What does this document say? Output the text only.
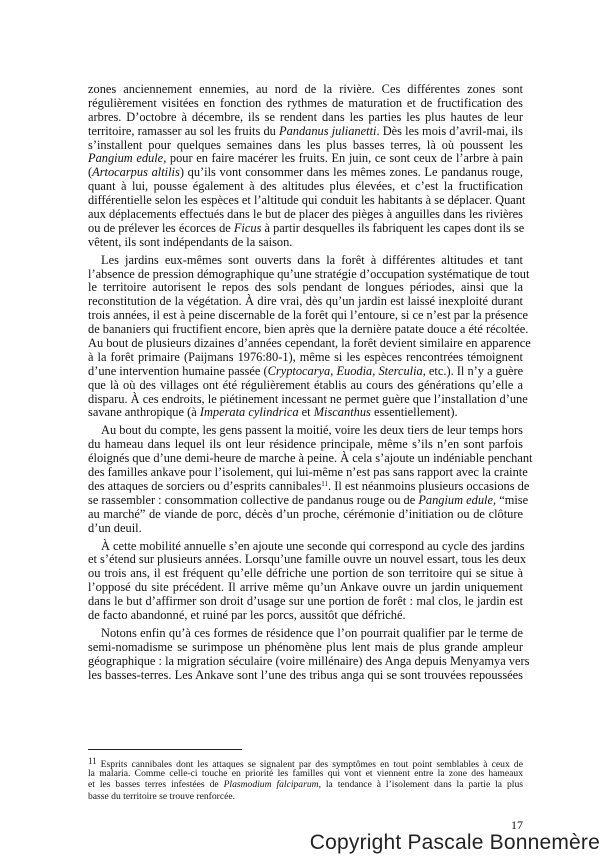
zones anciennement ennemies, au nord de la rivière. Ces différentes zones sont
régulièrement visitées en fonction des rythmes de maturation et de fructification des
arbres. D’octobre à décembre, ils se rendent dans les parties les plus hautes de leur
territoire, ramasser au sol les fruits du Pandanus julianetti. Dès les mois d’avril-mai, ils
s’installent pour quelques semaines dans les plus basses terres, là où poussent les
Pangium edule, pour en faire macérer les fruits. En juin, ce sont ceux de l’arbre à pain
(Artocarpus altilis) qu’ils vont consommer dans les mêmes zones. Le pandanus rouge,
quant à lui, pousse également à des altitudes plus élevées, et c’est la fructification
différentielle selon les espèces et l’altitude qui conduit les habitants à se déplacer. Quant
aux déplacements effectués dans le but de placer des pièges à anguilles dans les rivières
ou de prélever les écorces de Ficus à partir desquelles ils fabriquent les capes dont ils se
vêtent, ils sont indépendants de la saison.
Les jardins eux-mêmes sont ouverts dans la forêt à différentes altitudes et tant
l’absence de pression démographique qu’une stratégie d’occupation systématique de tout
le territoire autorisent le repos des sols pendant de longues périodes, ainsi que la
reconstitution de la végétation. À dire vrai, dès qu’un jardin est laissé inexploité durant
trois années, il est à peine discernable de la forêt qui l’entoure, si ce n’est par la présence
de bananiers qui fructifient encore, bien après que la dernière patate douce a été récoltée.
Au bout de plusieurs dizaines d’années cependant, la forêt devient similaire en apparence
à la forêt primaire (Paijmans 1976:80-1), même si les espèces rencontrées témoignent
d’une intervention humaine passée (Cryptocarya, Euodia, Sterculia, etc.). Il n’y a guère
que là où des villages ont été régulièrement établis au cours des générations qu’elle a
disparu. À ces endroits, le piétinement incessant ne permet guère que l’installation d’une
savane anthropique (à Imperata cylindrica et Miscanthus essentiellement).
Au bout du compte, les gens passent la moitié, voire les deux tiers de leur temps hors
du hameau dans lequel ils ont leur résidence principale, même s’ils n’en sont parfois
éloignés que d’une demi-heure de marche à peine. À cela s’ajoute un indéniable penchant
des familles ankave pour l’isolement, qui lui-même n’est pas sans rapport avec la crainte
des attaques de sorciers ou d’esprits cannibales$^{11}$. Il est néanmoins plusieurs occasions de
se rassembler : consommation collective de pandanus rouge ou de Pangium edule, “mise
au marché” de viande de porc, décès d’un proche, cérémonie d’initiation ou de clôture
d’un deuil.
À cette mobilité annuelle s’en ajoute une seconde qui correspond au cycle des jardins
et s’étend sur plusieurs années. Lorsqu’une famille ouvre un nouvel essart, tous les deux
ou trois ans, il est fréquent qu’elle défriche une portion de son territoire qui se situe à
l’opposé du site précédent. Il arrive même qu’un Ankave ouvre un jardin uniquement
dans le but d’affirmer son droit d’usage sur une portion de forêt : mal clos, le jardin est
de facto abandonné, et ruiné par les porcs, aussitôt que défriché.
Notons enfin qu’à ces formes de résidence que l’on pourrait qualifier par le terme de
semi-nomadisme se surimpose un phénomène plus lent mais de plus grande ampleur
géographique : la migration séculaire (voire millénaire) des Anga depuis Menyamya vers
les basses-terres. Les Ankave sont l’une des tribus anga qui se sont trouvées repoussées
11 Esprits cannibales dont les attaques se signalent par des symptômes en tout point semblables à ceux de
la malaria. Comme celle-ci touche en priorité les familles qui vont et viennent entre la zone des hameaux
et les basses terres infestées de Plasmodium falciparum, la tendance à l’isolement dans la partie la plus
basse du territoire se trouve renforcée.
17
Copyright Pascale Bonnemère
